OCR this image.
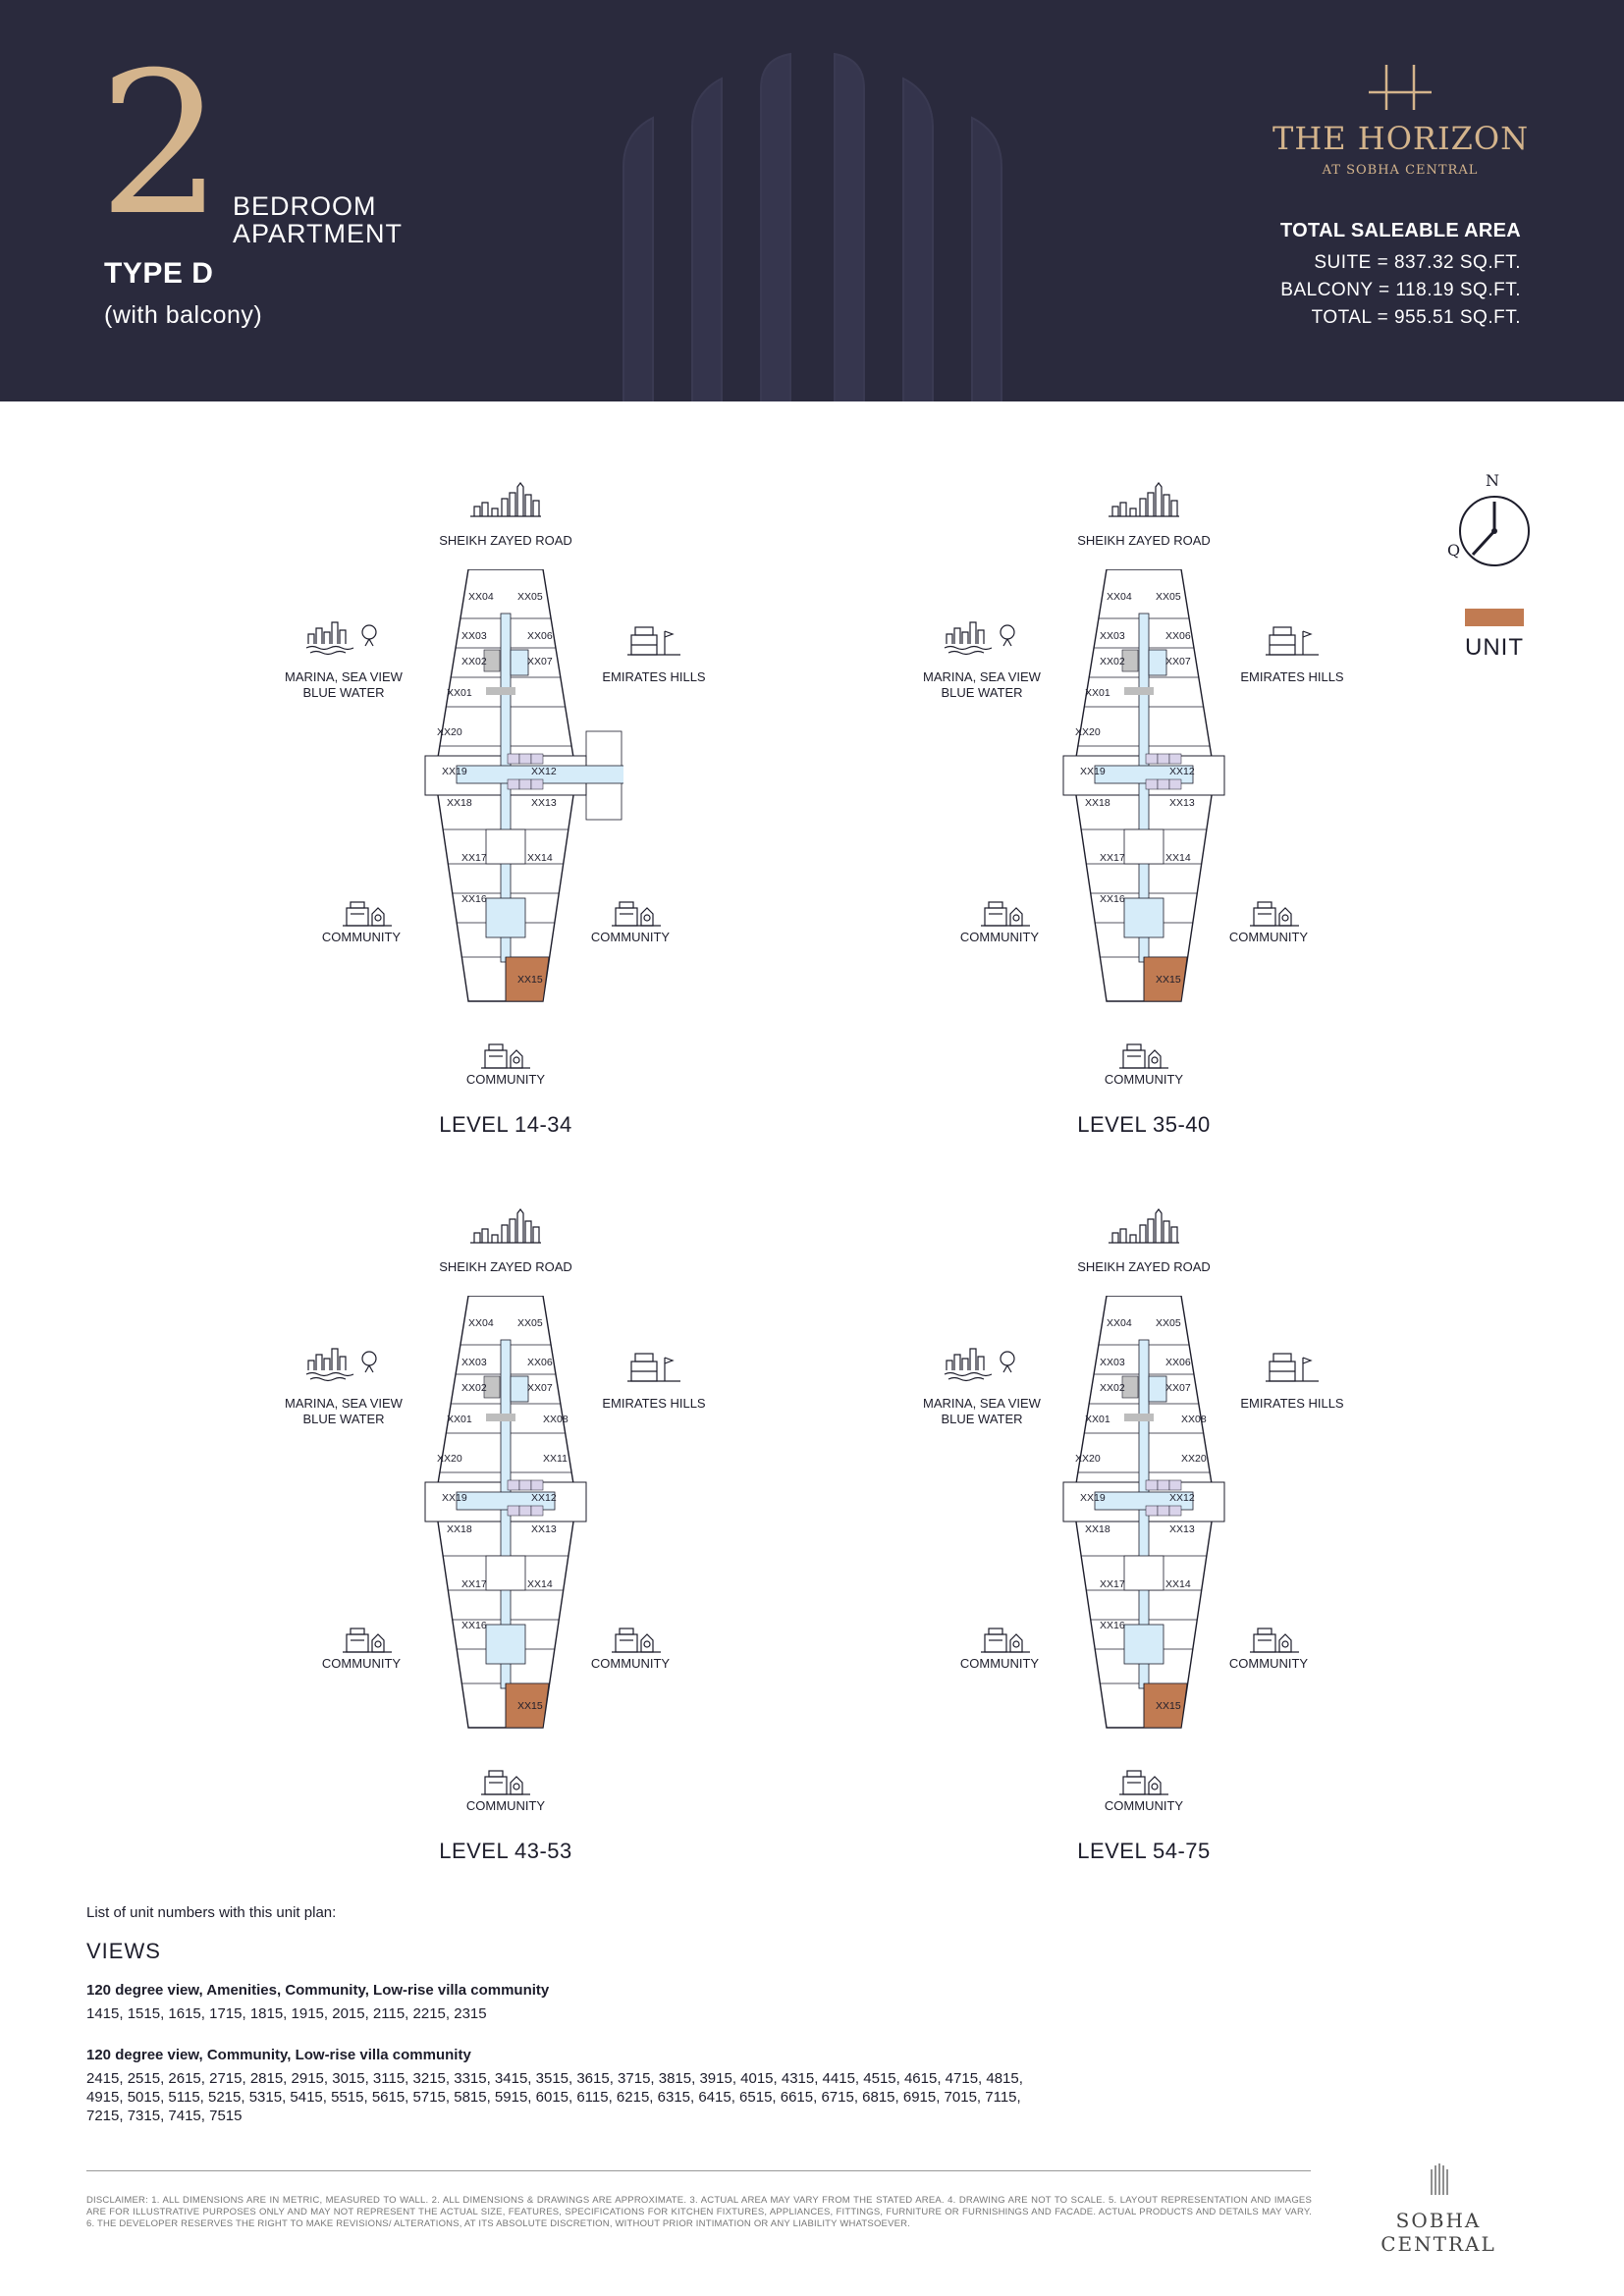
2 BEDROOM
APARTMENT
TYPE D
(with balcony)
THE HORIZON
AT SOBHA CENTRAL
TOTAL SALEABLE AREA
SUITE = 837.32 SQ.FT.
BALCONY = 118.19 SQ.FT.
TOTAL = 955.51 SQ.FT.
N
Q
UNIT
SHEIKH ZAYED ROAD
MARINA, SEA VIEW
BLUE WATER
EMIRATES HILLS
COMMUNITY	COMMUNITY
COMMUNITY
XX04 XX05
XX03	XX06
XX02	XX07
XX01
XX20
XX19	XX12
XX18	XX13
XX17	XX14
XX16
XX15
LEVEL 14-34
SHEIKH ZAYED ROAD
MARINA, SEA VIEW
BLUE WATER
EMIRATES HILLS
COMMUNITY	COMMUNITY
COMMUNITY
XX04 XX05
XX03	XX06
XX02	XX07
XX01
XX20
XX19	XX12
XX18	XX13
XX17	XX14
XX16
XX15
LEVEL 35-40
SHEIKH ZAYED ROAD
MARINA, SEA VIEW
BLUE WATER
EMIRATES HILLS
COMMUNITY	COMMUNITY
COMMUNITY
XX04 XX05
XX03	XX06
XX02	XX07
XX01	XX08
XX20	XX11
XX19	XX12
XX18	XX13
XX17	XX14
XX16
XX15
LEVEL 43-53
SHEIKH ZAYED ROAD
MARINA, SEA VIEW
BLUE WATER
EMIRATES HILLS
COMMUNITY	COMMUNITY
COMMUNITY
XX04 XX05
XX03	XX06
XX02	XX07
XX01	XX08
XX20	XX20
XX19	XX12
XX18	XX13
XX17	XX14
XX16
XX15
LEVEL 54-75
List of unit numbers with this unit plan:
VIEWS
120 degree view, Amenities, Community, Low-rise villa community
1415, 1515, 1615, 1715, 1815, 1915, 2015, 2115, 2215, 2315
120 degree view, Community, Low-rise villa community
2415, 2515, 2615, 2715, 2815, 2915, 3015, 3115, 3215, 3315, 3415, 3515, 3615, 3715, 3815, 3915, 4015, 4315, 4415, 4515, 4615, 4715, 4815, 4915, 5015, 5115, 5215, 5315, 5415, 5515, 5615, 5715, 5815, 5915, 6015, 6115, 6215, 6315, 6415, 6515, 6615, 6715, 6815, 6915, 7015, 7115, 7215, 7315, 7415, 7515
DISCLAIMER: 1. ALL DIMENSIONS ARE IN METRIC, MEASURED TO WALL. 2. ALL DIMENSIONS & DRAWINGS ARE APPROXIMATE. 3. ACTUAL AREA MAY VARY FROM THE STATED AREA. 4. DRAWING ARE NOT TO SCALE. 5. LAYOUT REPRESENTATION AND IMAGES ARE FOR ILLUSTRATIVE PURPOSES ONLY AND MAY NOT REPRESENT THE ACTUAL SIZE, FEATURES, SPECIFICATIONS FOR KITCHEN FIXTURES, APPLIANCES, FITTINGS, FURNITURE OR FURNISHINGS AND FACADE. ACTUAL PRODUCTS AND DETAILS MAY VARY. 6. THE DEVELOPER RESERVES THE RIGHT TO MAKE REVISIONS/ ALTERATIONS, AT ITS ABSOLUTE DISCRETION, WITHOUT PRIOR INTIMATION OR ANY LIABILITY WHATSOEVER.	SOBHA CENTRAL
